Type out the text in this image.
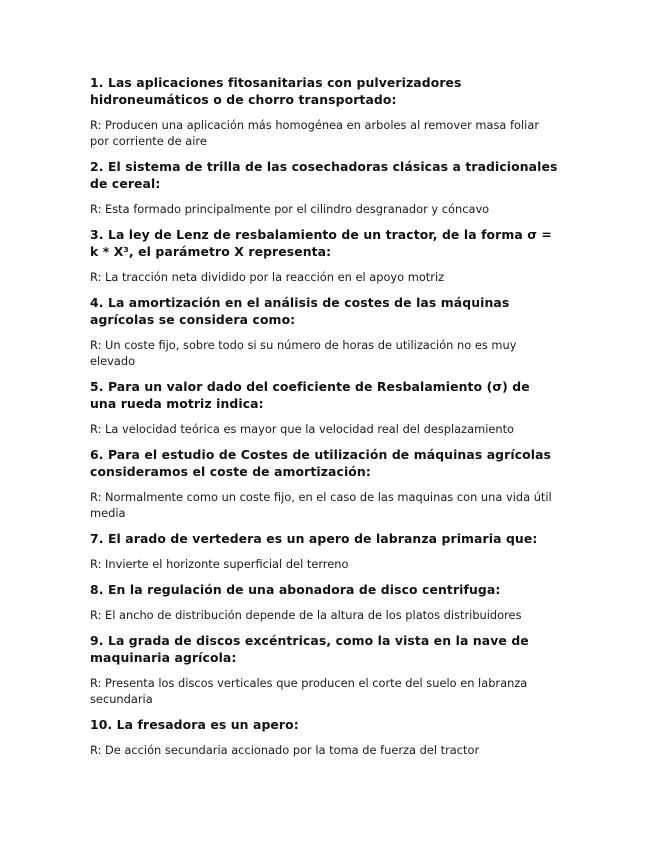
1. Las aplicaciones fitosanitarias con pulverizadores hidroneumáticos o de chorro transportado:

R: Producen una aplicación más homogénea en arboles al remover masa foliar por corriente de aire

2. El sistema de trilla de las cosechadoras clásicas a tradicionales de cereal:

R: Esta formado principalmente por el cilindro desgranador y cóncavo

3. La ley de Lenz de resbalamiento de un tractor, de la forma σ = k * X³, el parámetro X representa:

R: La tracción neta dividido por la reacción en el apoyo motriz

4. La amortización en el análisis de costes de las máquinas agrícolas se considera como:

R: Un coste fijo, sobre todo si su número de horas de utilización no es muy elevado

5. Para un valor dado del coeficiente de Resbalamiento (σ) de una rueda motriz indica:

R: La velocidad teórica es mayor que la velocidad real del desplazamiento

6. Para el estudio de Costes de utilización de máquinas agrícolas consideramos el coste de amortización:

R: Normalmente como un coste fijo, en el caso de las maquinas con una vida útil media

7. El arado de vertedera es un apero de labranza primaria que:

R: Invierte el horizonte superficial del terreno

8. En la regulación de una abonadora de disco centrifuga:

R: El ancho de distribución depende de la altura de los platos distribuidores

9. La grada de discos excéntricas, como la vista en la nave de maquinaria agrícola:

R: Presenta los discos verticales que producen el corte del suelo en labranza secundaria

10. La fresadora es un apero:

R: De acción secundaria accionado por la toma de fuerza del tractor
